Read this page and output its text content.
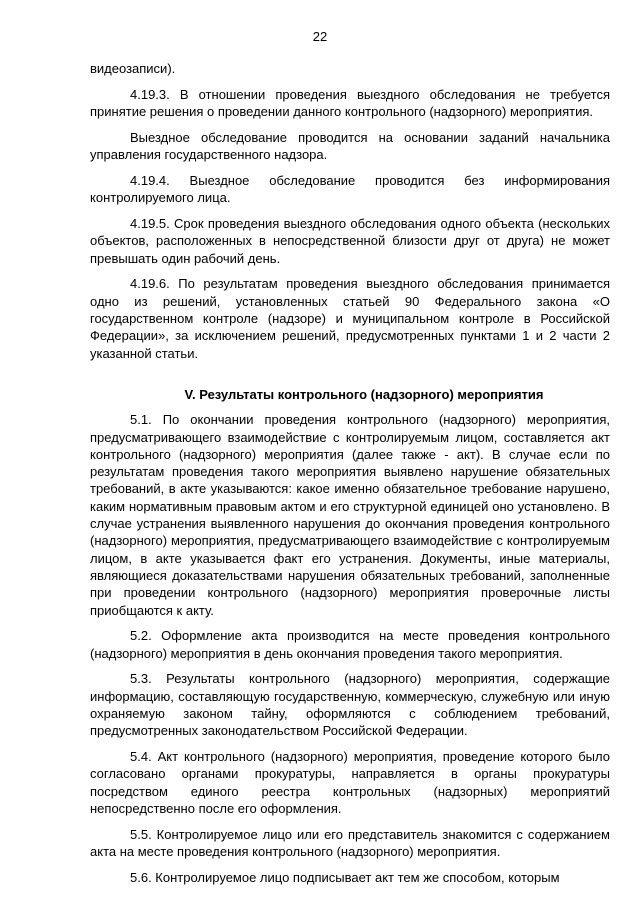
22

видеозаписи).

4.19.3. В отношении проведения выездного обследования не требуется принятие решения о проведении данного контрольного (надзорного) мероприятия.

Выездное обследование проводится на основании заданий начальника управления государственного надзора.

4.19.4. Выездное обследование проводится без информирования контролируемого лица.

4.19.5. Срок проведения выездного обследования одного объекта (нескольких объектов, расположенных в непосредственной близости друг от друга) не может превышать один рабочий день.

4.19.6. По результатам проведения выездного обследования принимается одно из решений, установленных статьей 90 Федерального закона «О государственном контроле (надзоре) и муниципальном контроле в Российской Федерации», за исключением решений, предусмотренных пунктами 1 и 2 части 2 указанной статьи.

V. Результаты контрольного (надзорного) мероприятия

5.1. По окончании проведения контрольного (надзорного) мероприятия, предусматривающего взаимодействие с контролируемым лицом, составляется акт контрольного (надзорного) мероприятия (далее также - акт). В случае если по результатам проведения такого мероприятия выявлено нарушение обязательных требований, в акте указываются: какое именно обязательное требование нарушено, каким нормативным правовым актом и его структурной единицей оно установлено. В случае устранения выявленного нарушения до окончания проведения контрольного (надзорного) мероприятия, предусматривающего взаимодействие с контролируемым лицом, в акте указывается факт его устранения. Документы, иные материалы, являющиеся доказательствами нарушения обязательных требований, заполненные при проведении контрольного (надзорного) мероприятия проверочные листы приобщаются к акту.

5.2. Оформление акта производится на месте проведения контрольного (надзорного) мероприятия в день окончания проведения такого мероприятия.

5.3. Результаты контрольного (надзорного) мероприятия, содержащие информацию, составляющую государственную, коммерческую, служебную или иную охраняемую законом тайну, оформляются с соблюдением требований, предусмотренных законодательством Российской Федерации.

5.4. Акт контрольного (надзорного) мероприятия, проведение которого было согласовано органами прокуратуры, направляется в органы прокуратуры посредством единого реестра контрольных (надзорных) мероприятий непосредственно после его оформления.

5.5. Контролируемое лицо или его представитель знакомится с содержанием акта на месте проведения контрольного (надзорного) мероприятия.

5.6. Контролируемое лицо подписывает акт тем же способом, которым
